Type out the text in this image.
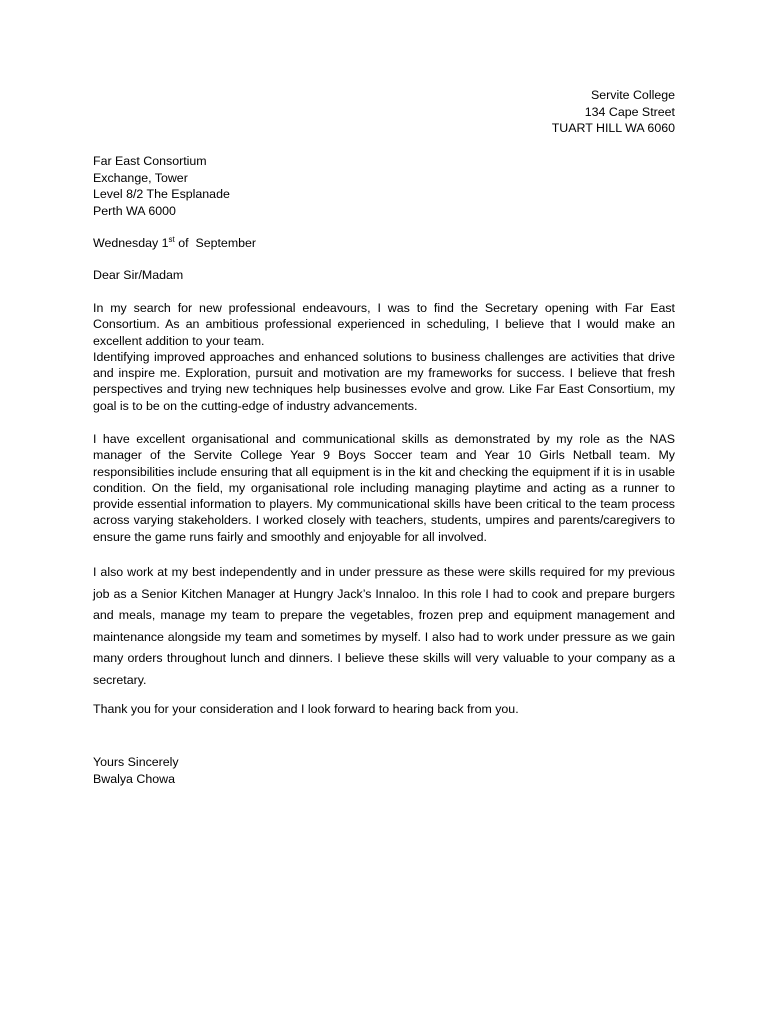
Servite College
134 Cape Street
TUART HILL WA 6060
Far East Consortium
Exchange, Tower
Level 8/2 The Esplanade
Perth WA 6000
Wednesday 1st of  September
Dear Sir/Madam

In my search for new professional endeavours, I was to find the Secretary opening with Far East Consortium. As an ambitious professional experienced in scheduling, I believe that I would make an excellent addition to your team.

Identifying improved approaches and enhanced solutions to business challenges are activities that drive and inspire me. Exploration, pursuit and motivation are my frameworks for success. I believe that fresh perspectives and trying new techniques help businesses evolve and grow. Like Far East Consortium, my goal is to be on the cutting-edge of industry advancements.

I have excellent organisational and communicational skills as demonstrated by my role as the NAS manager of the Servite College Year 9 Boys Soccer team and Year 10 Girls Netball team. My responsibilities include ensuring that all equipment is in the kit and checking the equipment if it is in usable condition. On the field, my organisational role including managing playtime and acting as a runner to provide essential information to players. My communicational skills have been critical to the team process across varying stakeholders. I worked closely with teachers, students, umpires and parents/caregivers to ensure the game runs fairly and smoothly and enjoyable for all involved.

I also work at my best independently and in under pressure as these were skills required for my previous job as a Senior Kitchen Manager at Hungry Jack’s Innaloo. In this role I had to cook and prepare burgers and meals, manage my team to prepare the vegetables, frozen prep and equipment management and maintenance alongside my team and sometimes by myself. I also had to work under pressure as we gain many orders throughout lunch and dinners. I believe these skills will very valuable to your company as a secretary.

Thank you for your consideration and I look forward to hearing back from you.
Yours Sincerely
Bwalya Chowa
